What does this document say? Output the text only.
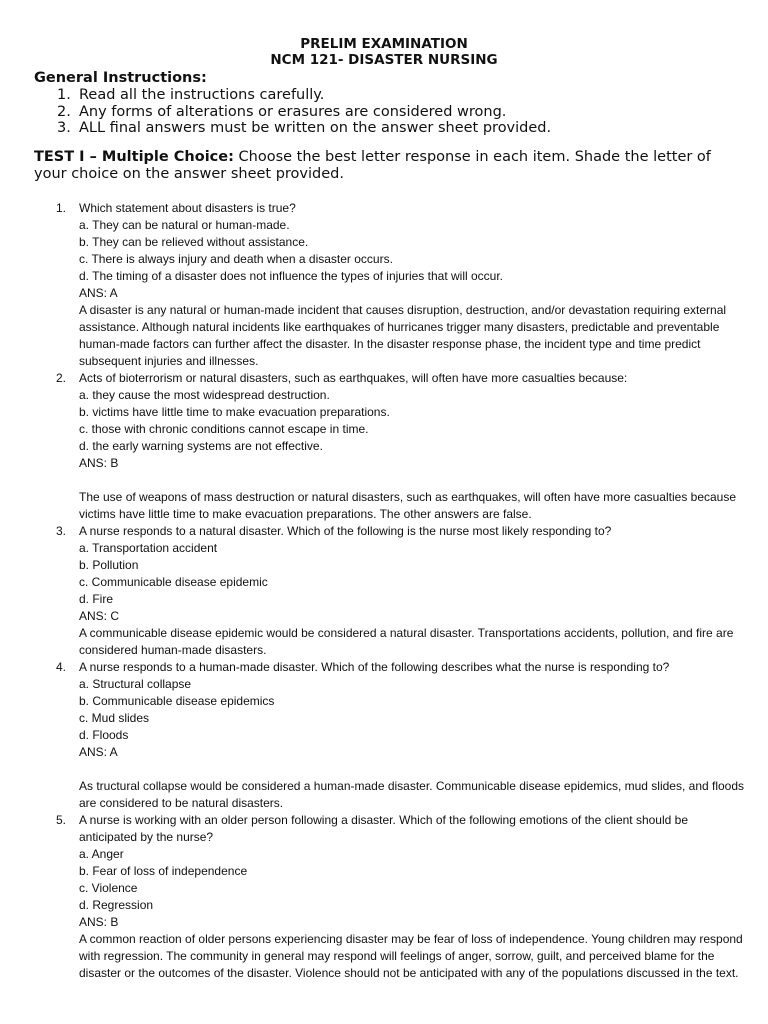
PRELIM EXAMINATION
NCM 121- DISASTER NURSING
General Instructions:
1. Read all the instructions carefully.
2. Any forms of alterations or erasures are considered wrong.
3. ALL final answers must be written on the answer sheet provided.
TEST I – Multiple Choice: Choose the best letter response in each item. Shade the letter of your choice on the answer sheet provided.
1.	Which statement about disasters is true?
a. They can be natural or human-made.
b. They can be relieved without assistance.
c. There is always injury and death when a disaster occurs.
d. The timing of a disaster does not influence the types of injuries that will occur.
ANS: A
A disaster is any natural or human-made incident that causes disruption, destruction, and/or devastation requiring external assistance. Although natural incidents like earthquakes of hurricanes trigger many disasters, predictable and preventable human-made factors can further affect the disaster. In the disaster response phase, the incident type and time predict subsequent injuries and illnesses.
2.	Acts of bioterrorism or natural disasters, such as earthquakes, will often have more casualties because:
a. they cause the most widespread destruction.
b. victims have little time to make evacuation preparations.
c. those with chronic conditions cannot escape in time.
d. the early warning systems are not effective.
ANS: B
The use of weapons of mass destruction or natural disasters, such as earthquakes, will often have more casualties because victims have little time to make evacuation preparations. The other answers are false.
3.	A nurse responds to a natural disaster. Which of the following is the nurse most likely responding to?
a. Transportation accident
b. Pollution
c. Communicable disease epidemic
d. Fire
ANS: C
A communicable disease epidemic would be considered a natural disaster. Transportations accidents, pollution, and fire are considered human-made disasters.
4.	A nurse responds to a human-made disaster. Which of the following describes what the nurse is responding to?
a. Structural collapse
b. Communicable disease epidemics
c. Mud slides
d. Floods
ANS: A
As tructural collapse would be considered a human-made disaster. Communicable disease epidemics, mud slides, and floods are considered to be natural disasters.
5.	A nurse is working with an older person following a disaster. Which of the following emotions of the client should be anticipated by the nurse?
a. Anger
b. Fear of loss of independence
c. Violence
d. Regression
ANS: B
A common reaction of older persons experiencing disaster may be fear of loss of independence. Young children may respond with regression. The community in general may respond will feelings of anger, sorrow, guilt, and perceived blame for the disaster or the outcomes of the disaster. Violence should not be anticipated with any of the populations discussed in the text.
